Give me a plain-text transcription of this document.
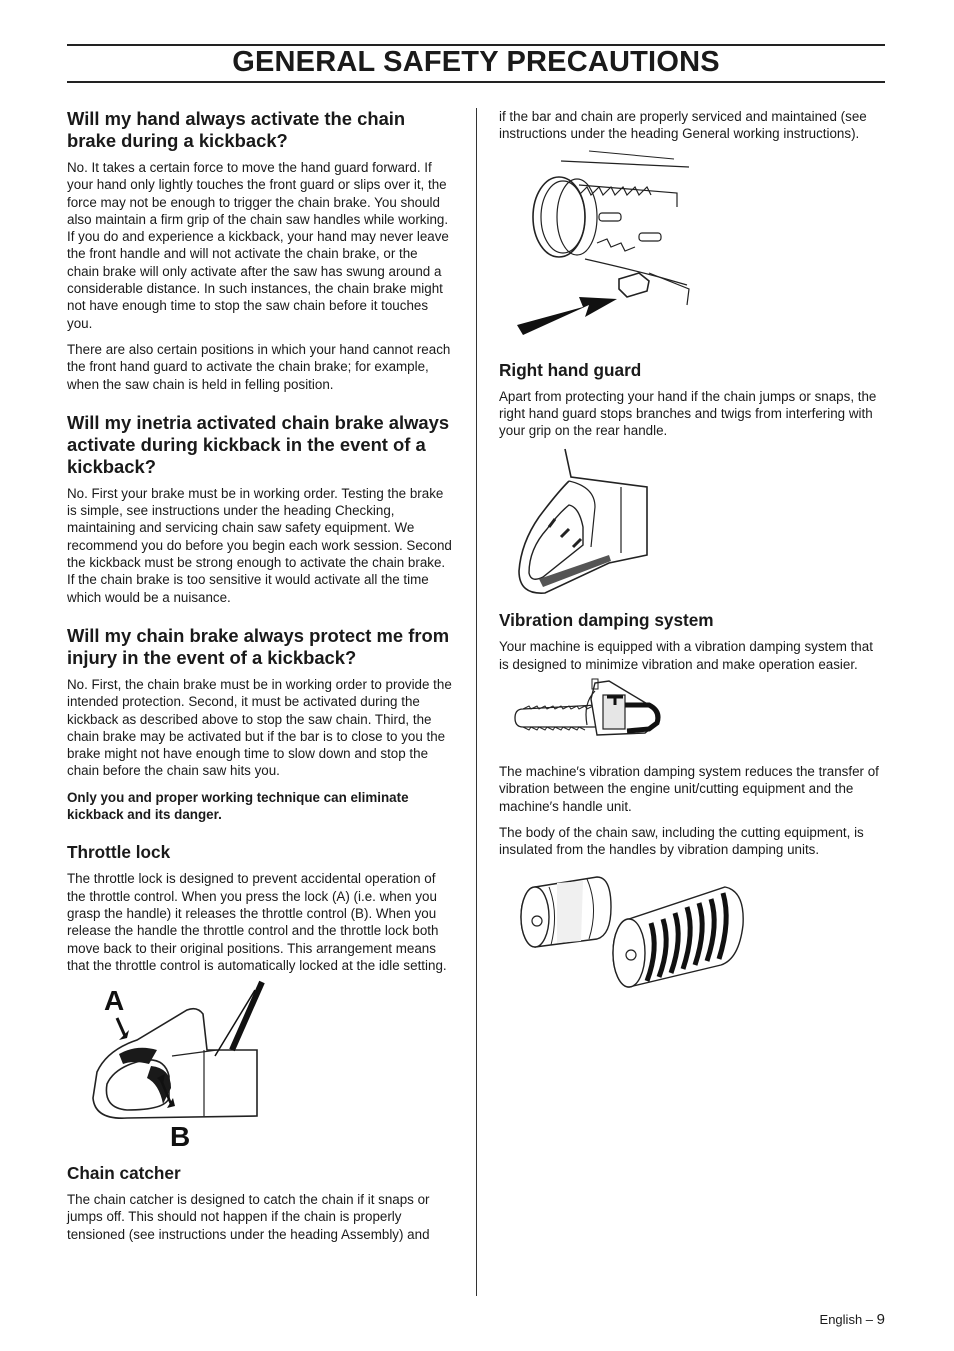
GENERAL SAFETY PRECAUTIONS
Will my hand always activate the chain brake during a kickback?

No. It takes a certain force to move the hand guard forward. If your hand only lightly touches the front guard or slips over it, the force may not be enough to trigger the chain brake. You should also maintain a firm grip of the chain saw handles while working. If you do and experience a kickback, your hand may never leave the front handle and will not activate the chain brake, or the chain brake will only activate after the saw has swung around a considerable distance. In such instances, the chain brake might not have enough time to stop the saw chain before it touches you.

There are also certain positions in which your hand cannot reach the front hand guard to activate the chain brake; for example, when the saw chain is held in felling position.

Will my inetria activated chain brake always activate during kickback in the event of a kickback?

No. First your brake must be in working order. Testing the brake is simple, see instructions under the heading Checking, maintaining and servicing chain saw safety equipment. We recommend you do before you begin each work session. Second the kickback must be strong enough to activate the chain brake. If the chain brake is too sensitive it would activate all the time which would be a nuisance.

Will my chain brake always protect me from injury in the event of a kickback?

No. First, the chain brake must be in working order to provide the intended protection. Second, it must be activated during the kickback as described above to stop the saw chain. Third, the chain brake may be activated but if the bar is to close to you the brake might not have enough time to slow down and stop the chain before the chain saw hits you.

Only you and proper working technique can eliminate kickback and its danger.

Throttle lock

The throttle lock is designed to prevent accidental operation of the throttle control. When you press the lock (A) (i.e. when you grasp the handle) it releases the throttle control (B). When you release the handle the throttle control and the throttle lock both move back to their original positions. This arrangement means that the throttle control is automatically locked at the idle setting.

A
B
Chain catcher

The chain catcher is designed to catch the chain if it snaps or jumps off. This should not happen if the chain is properly tensioned (see instructions under the heading Assembly) and

if the bar and chain are properly serviced and maintained (see instructions under the heading General working instructions).

Right hand guard

Apart from protecting your hand if the chain jumps or snaps, the right hand guard stops branches and twigs from interfering with your grip on the rear handle.

Vibration damping system

Your machine is equipped with a vibration damping system that is designed to minimize vibration and make operation easier.

The machine′s vibration damping system reduces the transfer of vibration between the engine unit/cutting equipment and the machine′s handle unit.

The body of the chain saw, including the cutting equipment, is insulated from the handles by vibration damping units.

English – 9
